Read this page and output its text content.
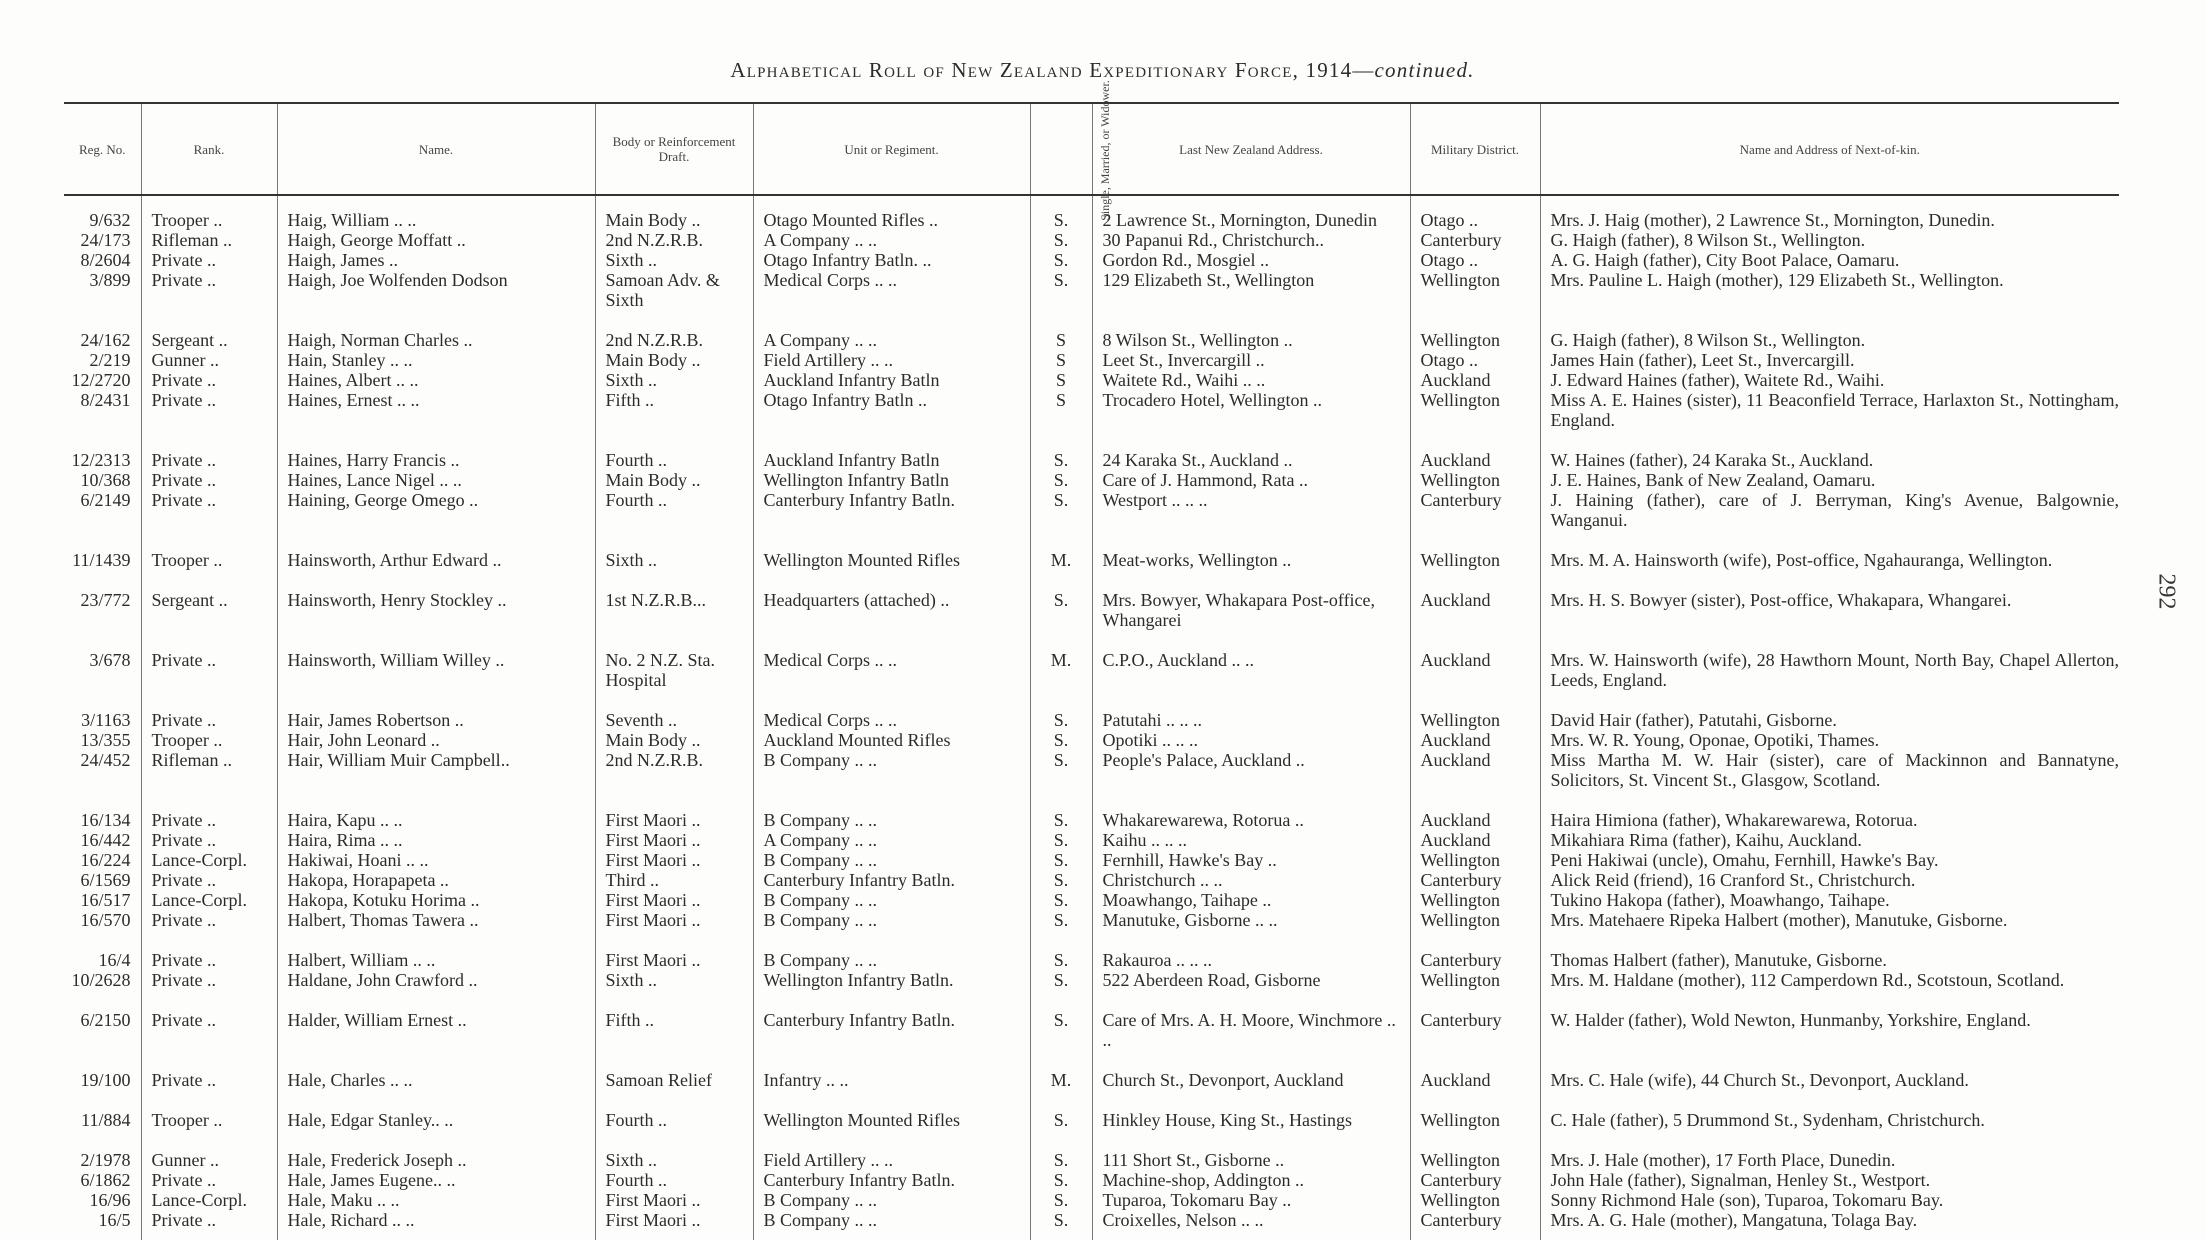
Alphabetical Roll of New Zealand Expeditionary Force, 1914—continued.
Reg. No.	Rank.	Name.	Body or Reinforcement Draft.	Unit or Regiment.	Single, Married, or Widower.	Last New Zealand Address.	Military District.	Name and Address of Next-of-kin.
9/632	Trooper ..	Haig, William .. ..	Main Body ..	Otago Mounted Rifles ..	S.	2 Lawrence St., Mornington, Dunedin	Otago ..	Mrs. J. Haig (mother), 2 Lawrence St., Mornington, Dunedin.
24/173	Rifleman ..	Haigh, George Moffatt ..	2nd N.Z.R.B.	A Company .. ..	S.	30 Papanui Rd., Christchurch..	Canterbury	G. Haigh (father), 8 Wilson St., Wellington.
8/2604	Private ..	Haigh, James ..	Sixth ..	Otago Infantry Batln. ..	S.	Gordon Rd., Mosgiel ..	Otago ..	A. G. Haigh (father), City Boot Palace, Oamaru.
3/899	Private ..	Haigh, Joe Wolfenden Dodson	Samoan Adv. & Sixth	Medical Corps .. ..	S.	129 Elizabeth St., Wellington	Wellington	Mrs. Pauline L. Haigh (mother), 129 Elizabeth St., Wellington.
24/162	Sergeant ..	Haigh, Norman Charles ..	2nd N.Z.R.B.	A Company .. ..	S	8 Wilson St., Wellington ..	Wellington	G. Haigh (father), 8 Wilson St., Wellington.
2/219	Gunner ..	Hain, Stanley .. ..	Main Body ..	Field Artillery .. ..	S	Leet St., Invercargill ..	Otago ..	James Hain (father), Leet St., Invercargill.
12/2720	Private ..	Haines, Albert .. ..	Sixth ..	Auckland Infantry Batln	S	Waitete Rd., Waihi .. ..	Auckland	J. Edward Haines (father), Waitete Rd., Waihi.
8/2431	Private ..	Haines, Ernest .. ..	Fifth ..	Otago Infantry Batln ..	S	Trocadero Hotel, Wellington ..	Wellington	Miss A. E. Haines (sister), 11 Beaconfield Terrace, Harlaxton St., Nottingham, England.
12/2313	Private ..	Haines, Harry Francis ..	Fourth ..	Auckland Infantry Batln	S.	24 Karaka St., Auckland ..	Auckland	W. Haines (father), 24 Karaka St., Auckland.
10/368	Private ..	Haines, Lance Nigel .. ..	Main Body ..	Wellington Infantry Batln	S.	Care of J. Hammond, Rata ..	Wellington	J. E. Haines, Bank of New Zealand, Oamaru.
6/2149	Private ..	Haining, George Omego ..	Fourth ..	Canterbury Infantry Batln.	S.	Westport .. .. ..	Canterbury	J. Haining (father), care of J. Berryman, King's Avenue, Balgownie, Wanganui.
11/1439	Trooper ..	Hainsworth, Arthur Edward ..	Sixth ..	Wellington Mounted Rifles	M.	Meat-works, Wellington ..	Wellington	Mrs. M. A. Hainsworth (wife), Post-office, Ngahauranga, Wellington.
23/772	Sergeant ..	Hainsworth, Henry Stockley ..	1st N.Z.R.B...	Headquarters (attached) ..	S.	Mrs. Bowyer, Whakapara Post-office, Whangarei	Auckland	Mrs. H. S. Bowyer (sister), Post-office, Whakapara, Whangarei.
3/678	Private ..	Hainsworth, William Willey ..	No. 2 N.Z. Sta. Hospital	Medical Corps .. ..	M.	C.P.O., Auckland .. ..	Auckland	Mrs. W. Hainsworth (wife), 28 Hawthorn Mount, North Bay, Chapel Allerton, Leeds, England.
3/1163	Private ..	Hair, James Robertson ..	Seventh ..	Medical Corps .. ..	S.	Patutahi .. .. ..	Wellington	David Hair (father), Patutahi, Gisborne.
13/355	Trooper ..	Hair, John Leonard ..	Main Body ..	Auckland Mounted Rifles	S.	Opotiki .. .. ..	Auckland	Mrs. W. R. Young, Oponae, Opotiki, Thames.
24/452	Rifleman ..	Hair, William Muir Campbell..	2nd N.Z.R.B.	B Company .. ..	S.	People's Palace, Auckland ..	Auckland	Miss Martha M. W. Hair (sister), care of Mackinnon and Bannatyne, Solicitors, St. Vincent St., Glasgow, Scotland.
16/134	Private ..	Haira, Kapu .. ..	First Maori ..	B Company .. ..	S.	Whakarewarewa, Rotorua ..	Auckland	Haira Himiona (father), Whakarewarewa, Rotorua.
16/442	Private ..	Haira, Rima .. ..	First Maori ..	A Company .. ..	S.	Kaihu .. .. ..	Auckland	Mikahiara Rima (father), Kaihu, Auckland.
16/224	Lance-Corpl.	Hakiwai, Hoani .. ..	First Maori ..	B Company .. ..	S.	Fernhill, Hawke's Bay ..	Wellington	Peni Hakiwai (uncle), Omahu, Fernhill, Hawke's Bay.
6/1569	Private ..	Hakopa, Horapapeta ..	Third ..	Canterbury Infantry Batln.	S.	Christchurch .. ..	Canterbury	Alick Reid (friend), 16 Cranford St., Christchurch.
16/517	Lance-Corpl.	Hakopa, Kotuku Horima ..	First Maori ..	B Company .. ..	S.	Moawhango, Taihape ..	Wellington	Tukino Hakopa (father), Moawhango, Taihape.
16/570	Private ..	Halbert, Thomas Tawera ..	First Maori ..	B Company .. ..	S.	Manutuke, Gisborne .. ..	Wellington	Mrs. Matehaere Ripeka Halbert (mother), Manutuke, Gisborne.
16/4	Private ..	Halbert, William .. ..	First Maori ..	B Company .. ..	S.	Rakauroa .. .. ..	Canterbury	Thomas Halbert (father), Manutuke, Gisborne.
10/2628	Private ..	Haldane, John Crawford ..	Sixth ..	Wellington Infantry Batln.	S.	522 Aberdeen Road, Gisborne	Wellington	Mrs. M. Haldane (mother), 112 Camperdown Rd., Scotstoun, Scotland.
6/2150	Private ..	Halder, William Ernest ..	Fifth ..	Canterbury Infantry Batln.	S.	Care of Mrs. A. H. Moore, Winchmore .. ..	Canterbury	W. Halder (father), Wold Newton, Hunmanby, Yorkshire, England.
19/100	Private ..	Hale, Charles .. ..	Samoan Relief	Infantry .. ..	M.	Church St., Devonport, Auckland	Auckland	Mrs. C. Hale (wife), 44 Church St., Devonport, Auckland.
11/884	Trooper ..	Hale, Edgar Stanley.. ..	Fourth ..	Wellington Mounted Rifles	S.	Hinkley House, King St., Hastings	Wellington	C. Hale (father), 5 Drummond St., Sydenham, Christchurch.
2/1978	Gunner ..	Hale, Frederick Joseph ..	Sixth ..	Field Artillery .. ..	S.	111 Short St., Gisborne ..	Wellington	Mrs. J. Hale (mother), 17 Forth Place, Dunedin.
6/1862	Private ..	Hale, James Eugene.. ..	Fourth ..	Canterbury Infantry Batln.	S.	Machine-shop, Addington ..	Canterbury	John Hale (father), Signalman, Henley St., Westport.
16/96	Lance-Corpl.	Hale, Maku .. ..	First Maori ..	B Company .. ..	S.	Tuparoa, Tokomaru Bay ..	Wellington	Sonny Richmond Hale (son), Tuparoa, Tokomaru Bay.
16/5	Private ..	Hale, Richard .. ..	First Maori ..	B Company .. ..	S.	Croixelles, Nelson .. ..	Canterbury	Mrs. A. G. Hale (mother), Mangatuna, Tolaga Bay.
292
